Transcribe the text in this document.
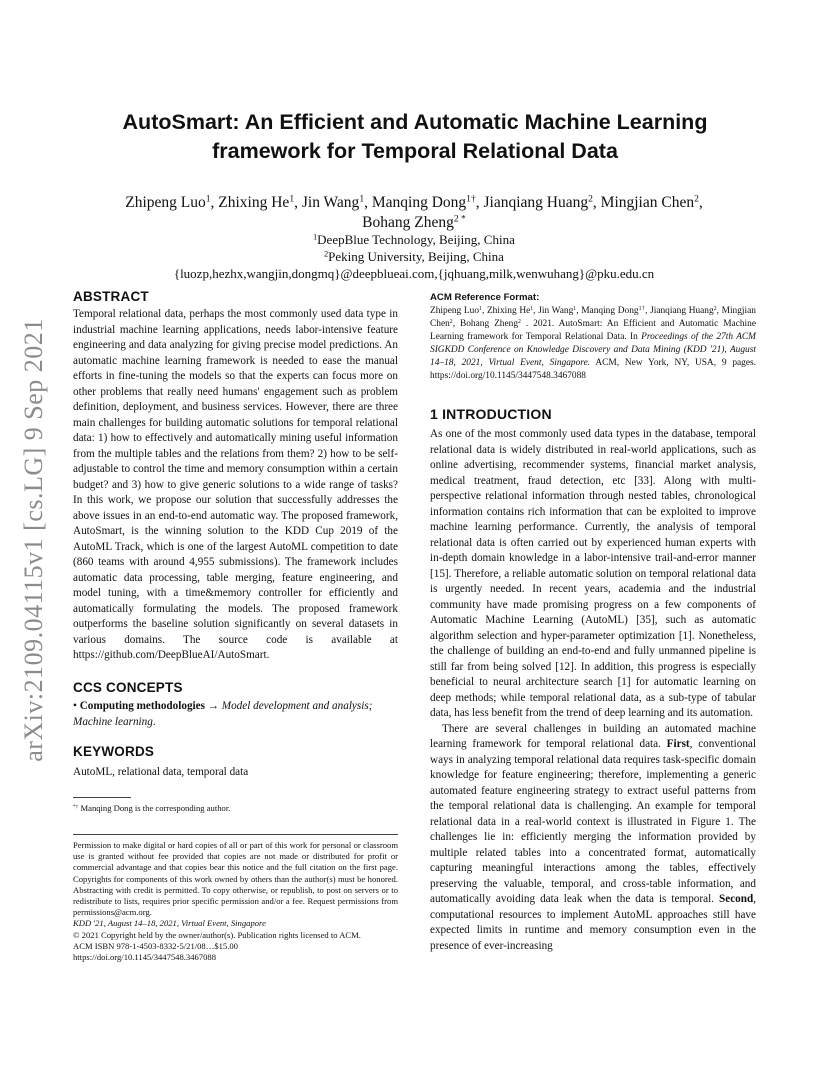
arXiv:2109.04115v1 [cs.LG] 9 Sep 2021
AutoSmart: An Efficient and Automatic Machine Learning
framework for Temporal Relational Data
Zhipeng Luo$^1$, Zhixing He$^1$, Jin Wang$^1$, Manqing Dong$^{1\dagger}$, Jianqiang Huang$^2$, Mingjian Chen$^2$,
Bohang Zheng$^{2 *}$
$^1$DeepBlue Technology, Beijing, China
$^2$Peking University, Beijing, China
{luozp,hezhx,wangjin,dongmq}@deepblueai.com,{jqhuang,milk,wenwuhang}@pku.edu.cn
ABSTRACT

Temporal relational data, perhaps the most commonly used data type in industrial machine learning applications, needs labor-intensive feature engineering and data analyzing for giving precise model predictions. An automatic machine learning framework is needed to ease the manual efforts in fine-tuning the models so that the experts can focus more on other problems that really need humans' engagement such as problem definition, deployment, and business services. However, there are three main challenges for building automatic solutions for temporal relational data: 1) how to effectively and automatically mining useful information from the multiple tables and the relations from them? 2) how to be self-adjustable to control the time and memory consumption within a certain budget? and 3) how to give generic solutions to a wide range of tasks? In this work, we propose our solution that successfully addresses the above issues in an end-to-end automatic way. The proposed framework, AutoSmart, is the winning solution to the KDD Cup 2019 of the AutoML Track, which is one of the largest AutoML competition to date (860 teams with around 4,955 submissions). The framework includes automatic data processing, table merging, feature engineering, and model tuning, with a time&memory controller for efficiently and automatically formulating the models. The proposed framework outperforms the baseline solution significantly on several datasets in various domains. The source code is available at https://github.com/DeepBlueAI/AutoSmart.

CCS CONCEPTS

• Computing methodologies → Model development and analysis; Machine learning.

KEYWORDS

AutoML, relational data, temporal data

*† Manqing Dong is the corresponding author.

Permission to make digital or hard copies of all or part of this work for personal or classroom use is granted without fee provided that copies are not made or distributed for profit or commercial advantage and that copies bear this notice and the full citation on the first page. Copyrights for components of this work owned by others than the author(s) must be honored. Abstracting with credit is permitted. To copy otherwise, or republish, to post on servers or to redistribute to lists, requires prior specific permission and/or a fee. Request permissions from permissions@acm.org.

KDD '21, August 14–18, 2021, Virtual Event, Singapore

© 2021 Copyright held by the owner/author(s). Publication rights licensed to ACM.

ACM ISBN 978-1-4503-8332-5/21/08…$15.00

https://doi.org/10.1145/3447548.3467088

ACM Reference Format:

Zhipeng Luo$^1$, Zhixing He$^1$, Jin Wang$^1$, Manqing Dong$^{1\dagger}$, Jianqiang Huang$^2$, Mingjian Chen$^2$, Bohang Zheng$^2$ . 2021. AutoSmart: An Efficient and Automatic Machine Learning framework for Temporal Relational Data. In Proceedings of the 27th ACM SIGKDD Conference on Knowledge Discovery and Data Mining (KDD '21), August 14–18, 2021, Virtual Event, Singapore. ACM, New York, NY, USA, 9 pages. https://doi.org/10.1145/3447548.3467088

1 INTRODUCTION

As one of the most commonly used data types in the database, temporal relational data is widely distributed in real-world applications, such as online advertising, recommender systems, financial market analysis, medical treatment, fraud detection, etc [33]. Along with multi-perspective relational information through nested tables, chronological information contains rich information that can be exploited to improve machine learning performance. Currently, the analysis of temporal relational data is often carried out by experienced human experts with in-depth domain knowledge in a labor-intensive trail-and-error manner [15]. Therefore, a reliable automatic solution on temporal relational data is urgently needed. In recent years, academia and the industrial community have made promising progress on a few components of Automatic Machine Learning (AutoML) [35], such as automatic algorithm selection and hyper-parameter optimization [1]. Nonetheless, the challenge of building an end-to-end and fully unmanned pipeline is still far from being solved [12]. In addition, this progress is especially beneficial to neural architecture search [1] for automatic learning on deep methods; while temporal relational data, as a sub-type of tabular data, has less benefit from the trend of deep learning and its automation.

There are several challenges in building an automated machine learning framework for temporal relational data. First, conventional ways in analyzing temporal relational data requires task-specific domain knowledge for feature engineering; therefore, implementing a generic automated feature engineering strategy to extract useful patterns from the temporal relational data is challenging. An example for temporal relational data in a real-world context is illustrated in Figure 1. The challenges lie in: efficiently merging the information provided by multiple related tables into a concentrated format, automatically capturing meaningful interactions among the tables, effectively preserving the valuable, temporal, and cross-table information, and automatically avoiding data leak when the data is temporal. Second, computational resources to implement AutoML approaches still have expected limits in runtime and memory consumption even in the presence of ever-increasing
